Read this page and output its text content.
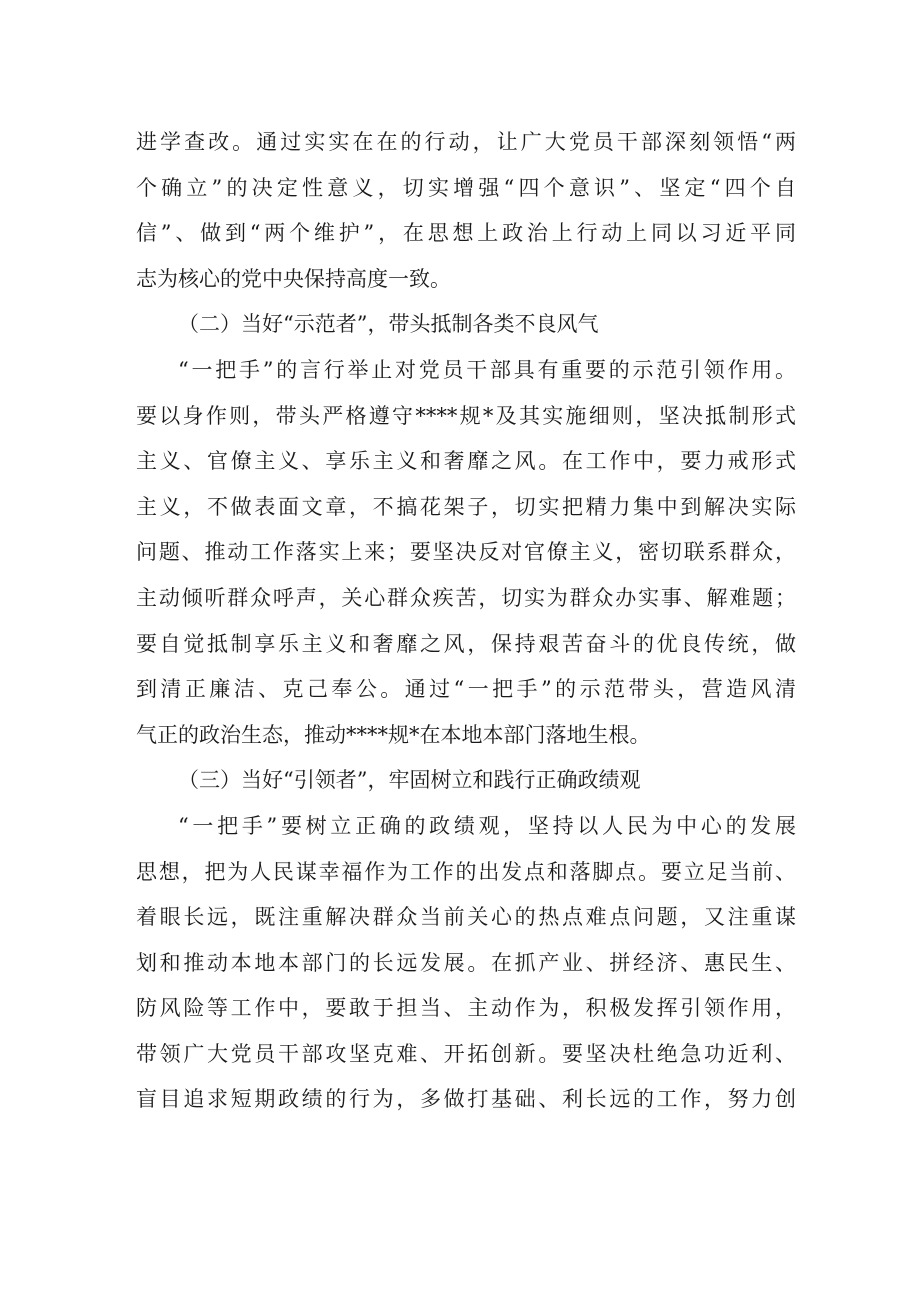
进学查改。通过实实在在的行动，让广大党员干部深刻领悟“两
个确立”的决定性意义，切实增强“四个意识”、坚定“四个自
信”、做到“两个维护”，在思想上政治上行动上同以习近平同
志为核心的党中央保持高度一致。
（二）当好“示范者”，带头抵制各类不良风气
“一把手”的言行举止对党员干部具有重要的示范引领作用。
要以身作则，带头严格遵守****规*及其实施细则，坚决抵制形式
主义、官僚主义、享乐主义和奢靡之风。在工作中，要力戒形式
主义，不做表面文章，不搞花架子，切实把精力集中到解决实际
问题、推动工作落实上来；要坚决反对官僚主义，密切联系群众，
主动倾听群众呼声，关心群众疾苦，切实为群众办实事、解难题；
要自觉抵制享乐主义和奢靡之风，保持艰苦奋斗的优良传统，做
到清正廉洁、克己奉公。通过“一把手”的示范带头，营造风清
气正的政治生态，推动****规*在本地本部门落地生根。
（三）当好“引领者”，牢固树立和践行正确政绩观
“一把手”要树立正确的政绩观，坚持以人民为中心的发展
思想，把为人民谋幸福作为工作的出发点和落脚点。要立足当前、
着眼长远，既注重解决群众当前关心的热点难点问题，又注重谋
划和推动本地本部门的长远发展。在抓产业、拼经济、惠民生、
防风险等工作中，要敢于担当、主动作为，积极发挥引领作用，
带领广大党员干部攻坚克难、开拓创新。要坚决杜绝急功近利、
盲目追求短期政绩的行为，多做打基础、利长远的工作，努力创
